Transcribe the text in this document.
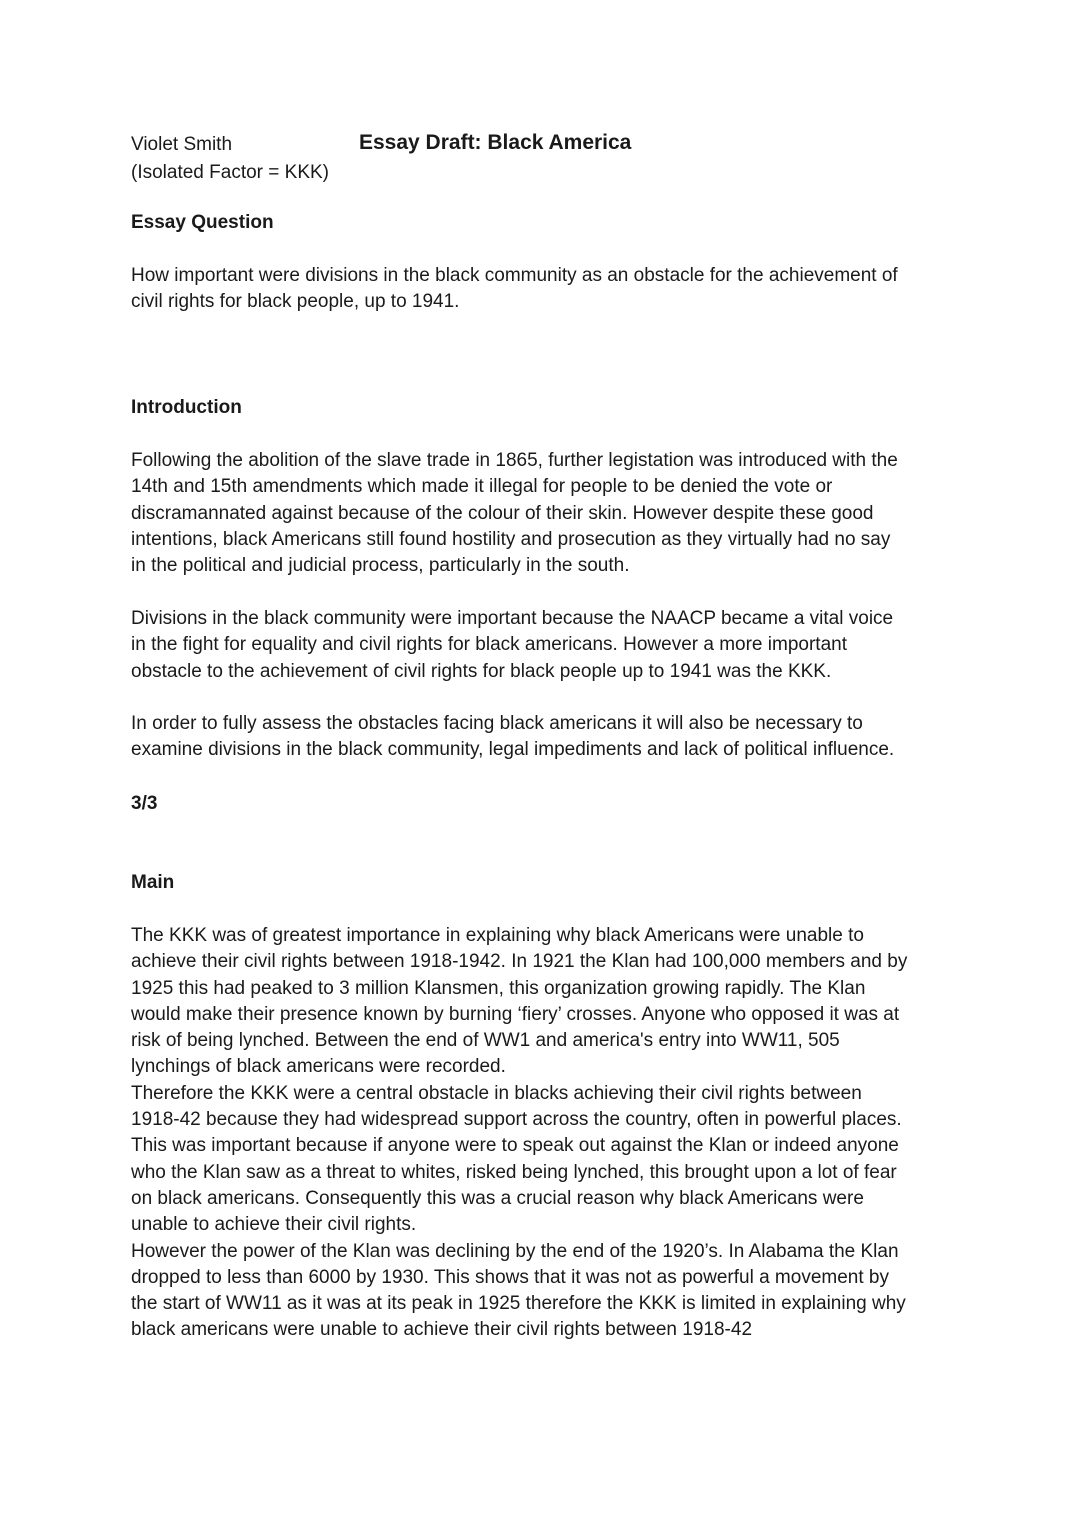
Violet Smith	Essay Draft: Black America
(Isolated Factor = KKK)
Essay Question

How important were divisions in the black community as an obstacle for the achievement of
civil rights for black people, up to 1941.

Introduction

Following the abolition of the slave trade in 1865, further legistation was introduced with the
14th and 15th amendments which made it illegal for people to be denied the vote or
discramannated against because of the colour of their skin. However despite these good
intentions, black Americans still found hostility and prosecution as they virtually had no say
in the political and judicial process, particularly in the south.

Divisions in the black community were important because the NAACP became a vital voice
in the fight for equality and civil rights for black americans. However a more important
obstacle to the achievement of civil rights for black people up to 1941 was the KKK.

In order to fully assess the obstacles facing black americans it will also be necessary to
examine divisions in the black community, legal impediments and lack of political influence.

3/3
Main

The KKK was of greatest importance in explaining why black Americans were unable to
achieve their civil rights between 1918-1942. In 1921 the Klan had 100,000 members and by
1925 this had peaked to 3 million Klansmen, this organization growing rapidly. The Klan
would make their presence known by burning ‘fiery’ crosses. Anyone who opposed it was at
risk of being lynched. Between the end of WW1 and america's entry into WW11, 505
lynchings of black americans were recorded.
Therefore the KKK were a central obstacle in blacks achieving their civil rights between
1918-42 because they had widespread support across the country, often in powerful places.
This was important because if anyone were to speak out against the Klan or indeed anyone
who the Klan saw as a threat to whites, risked being lynched, this brought upon a lot of fear
on black americans. Consequently this was a crucial reason why black Americans were
unable to achieve their civil rights.
However the power of the Klan was declining by the end of the 1920’s. In Alabama the Klan
dropped to less than 6000 by 1930. This shows that it was not as powerful a movement by
the start of WW11 as it was at its peak in 1925 therefore the KKK is limited in explaining why
black americans were unable to achieve their civil rights between 1918-42
